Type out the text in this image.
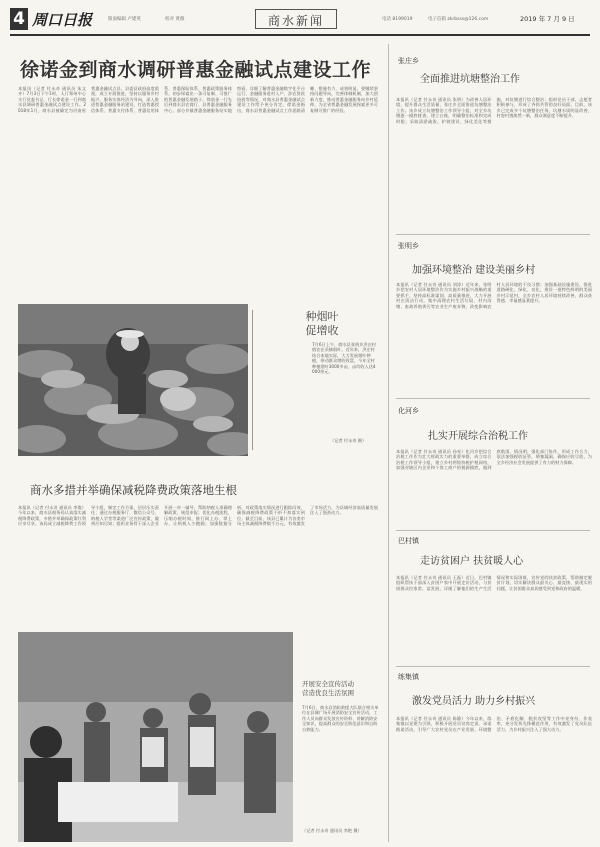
4 周口日报	版面编辑 卢建英	校对 黄薇	商水新闻	电话 8199019	电子信箱 zkrbsss@126.com	2019 年 7 月 9 日
徐诺金到商水调研普惠金融试点建设工作
本报讯（记者 付永奇 通讯员 朱文卉）7月3日下午1时，人行郑州中心支行党委书记、行长徐诺金一行到商水县调研普惠金融试点建设工作。2018年1月，商水县被确定为河南省普惠金融试点县，县委县政府高度重视，成立专班推进，坚持以服务乡村振兴、服务实体经济为导向，深入推进普惠金融服务站建设，打造普惠授信体系、普惠支付体系、普惠信用体系、普惠保险体系、普惠政策服务体系，初步探索出一条可复制、可推广的普惠金融发展路子。徐诺金一行先后到商水县农商行、县普惠金融服务中心、部分乡镇普惠金融服务站实地察看，详细了解普惠金融数字化平台运行、金融服务进村入户、涉农贷款投放等情况，对商水县普惠金融试点建设工作给予充分肯定。徐诺金指出，商水县普惠金融试点工作思路清晰、措施有力、成效明显，要继续坚持问题导向，完善体制机制，加大创新力度，推动普惠金融服务向乡村延伸，为全省普惠金融发展探索更多可复制可推广的经验。
种烟叶
促增收
7月6日上午，商水县张明乡洪庄村烟农在采摘烟叶。近年来，洪庄村结合本地实际，大力发展烟叶种植，带动群众增收致富，今年全村种植烟叶3000多亩，亩均收入达4000余元。
（记者 付永奇 摄）
商水多措并举确保减税降费政策落地生根
本报讯（记者 付永奇 通讯员 李俊）今年以来，商水县税务局认真落实减税降费政策，多措并举确保政策红利应享尽享。该局成立减税降费工作领导小组，制定工作方案，层层压实责任；通过办税服务厅、微信公众号、纳税人学堂等渠道广泛宣传政策，做到应知尽知；组织业务骨干深入企业开展一对一辅导，帮助纳税人准确理解政策、规范申报；优化办税流程，压缩办税时间，推行网上办、掌上办，让纳税人少跑腿；加强数据分析，对政策落实情况进行跟踪问效，确保减税降费政策不折不扣落实到位。截至目前，该县已累计为各类市场主体减税降费数千万元，有效激发了市场活力，为县域经济高质量发展注入了强劲动力。
开展安全宣传活动
营造优良生活氛围
7月6日，商水县消防救援大队联合相关单位在县城广场开展消防安全宣传活动，工作人员向群众发放宣传资料、讲解消防安全知识，提高群众的安全防范意识和自防自救能力。
（记者 付永奇 通讯员 李艳 摄）
张庄乡
全面推进坑塘整治工作
本报讯（记者 付永奇 通讯员 张明）为改善人居环境，提升群众生活质量，张庄乡全面推进坑塘整治工作。该乡成立坑塘整治工作领导小组，对全乡坑塘逐一摸底排查、建立台账，明确整治标准和完成时限；采取清淤疏浚、护坡建设、绿化美化等措施，对坑塘进行综合整治；组织党员干部、志愿者积极参与，形成了齐抓共管的良好局面。目前，该乡已完成多个坑塘整治任务，坑塘水质明显改善，村容村貌焕然一新，群众满意度不断提升。
张明乡
加强环境整治 建设美丽乡村
本报讯（记者 付永奇 通讯员 刘涛）近年来，张明乡把农村人居环境整治作为实施乡村振兴战略的重要抓手，坚持高标准谋划、高质量推进，大力开展村庄清洁行动，集中清理农村生活垃圾、村内沟塘、畜禽养殖粪污等农业生产废弃物，改变影响农村人居环境的不良习惯；加强基础设施建设，推进道路硬化、绿化、亮化，建设一批特色鲜明的美丽乡村示范村，全乡农村人居环境持续改善，群众获得感、幸福感显著提升。
化河乡
扎实开展综合治税工作
本报讯（记者 付永奇 通讯员 孙亮）化河乡把综合治税工作作为壮大财政实力的重要举措，成立综合治税工作领导小组，建立乡村两级协税护税网络，加强对辖区内企业和个体工商户的税源摸底，做到底数清、情况明；强化部门协作，形成工作合力，依法加强税收征管，堵塞漏洞，确保应收尽收，为全乡经济社会发展提供了有力的财力保障。
巴村镇
走访贫困户 扶贫暖人心
本报讯（记者 付永奇 通讯员 王磊）近日，巴村镇组织帮扶干部深入贫困户家中开展走访活动，与贫困群众拉家常、谈发展，详细了解他们的生产生活情况和实际困难，宣传党的扶贫政策，帮助制定脱贫计划，切实解决群众最关心、最直接、最现实的问题，让贫困群众真切感受到党和政府的温暖。
练集镇
激发党员活力 助力乡村振兴
本报讯（记者 付永奇 通讯员 陈静）今年以来，练集镇以党建为引领，积极开展党员设岗定责、承诺践诺活动，引导广大农村党员在产业发展、环境整治、矛盾化解、脱贫攻坚等工作中亮身份、作表率，充分发挥先锋模范作用，有效激发了党员队伍活力，为乡村振兴注入了强大动力。
